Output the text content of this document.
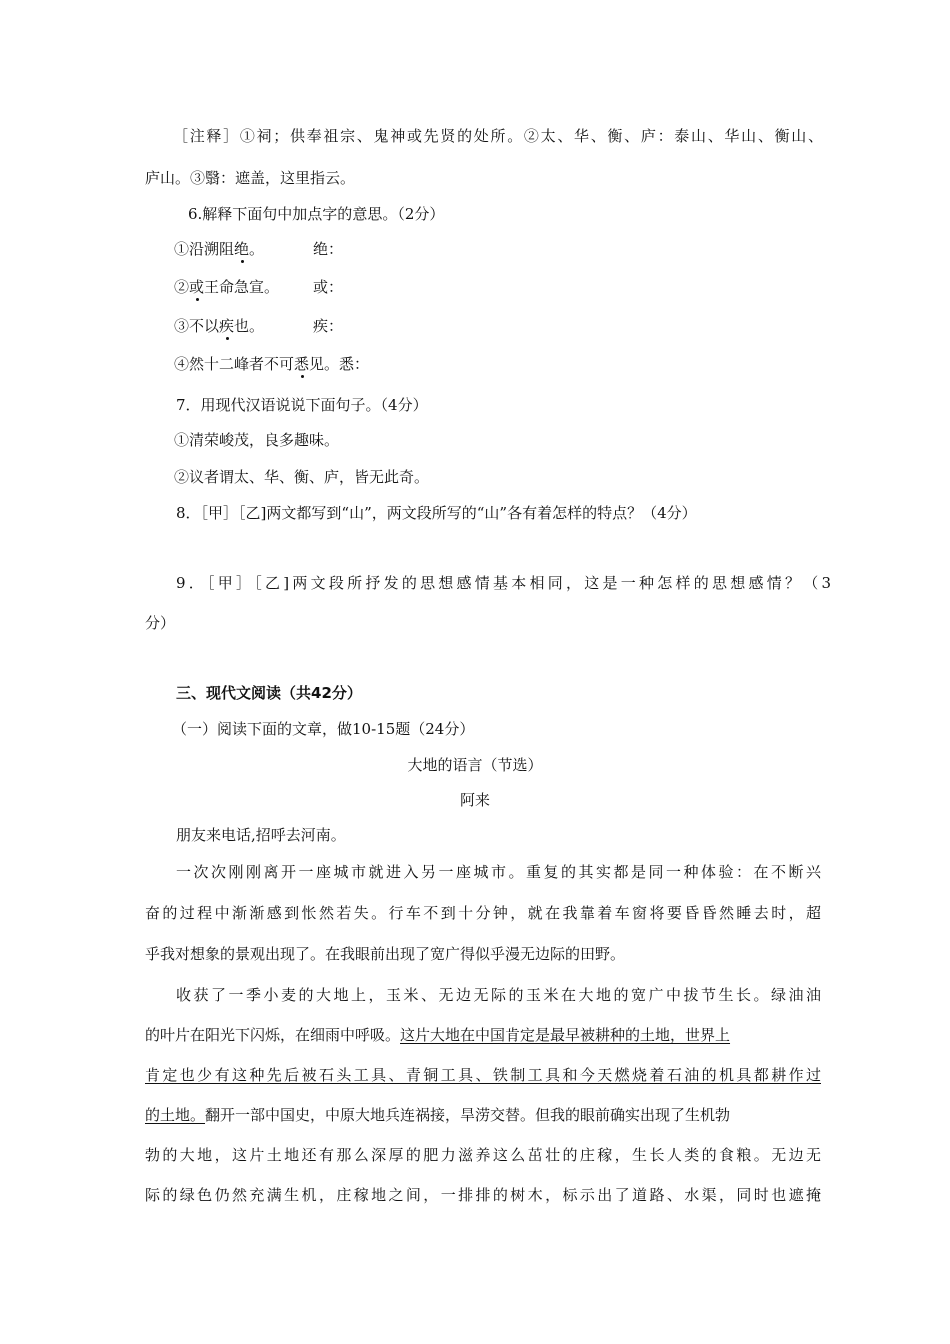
［注释］①祠；供奉祖宗、鬼神或先贤的处所。②太、华、衡、庐：泰山、华山、衡山、
庐山。③翳：遮盖，这里指云。
6.解释下面句中加点字的意思。（2分）
①沿溯阻绝。	绝：
②或王命急宣。 或：
③不以疾也。	疾：
④然十二峰者不可悉见。悉：
7．用现代汉语说说下面句子。（4分）
①清荣峻茂，良多趣味。
②议者谓太、华、衡、庐，皆无此奇。
8．［甲］［乙]两文都写到“山”，两文段所写的“山”各有着怎样的特点？（4分）
9．［甲］［乙]两文段所抒发的思想感情基本相同，这是一种怎样的思想感情？（3
分）
三、现代文阅读（共42分）
（一）阅读下面的文章，做10-15题（24分）
大地的语言（节选）
阿来
朋友来电话,招呼去河南。
一次次刚刚离开一座城市就进入另一座城市。重复的其实都是同一种体验：在不断兴
奋的过程中渐渐感到怅然若失。行车不到十分钟，就在我靠着车窗将要昏昏然睡去时，超
乎我对想象的景观出现了。在我眼前出现了宽广得似乎漫无边际的田野。
收获了一季小麦的大地上，玉米、无边无际的玉米在大地的宽广中拔节生长。绿油油
的叶片在阳光下闪烁，在细雨中呼吸。这片大地在中国肯定是最早被耕种的土地，世界上
肯定也少有这种先后被石头工具、青铜工具、铁制工具和今天燃烧着石油的机具都耕作过
的土地。翻开一部中国史，中原大地兵连祸接，旱涝交替。但我的眼前确实出现了生机勃
勃的大地，这片土地还有那么深厚的肥力滋养这么茁壮的庄稼，生长人类的食粮。无边无
际的绿色仍然充满生机，庄稼地之间，一排排的树木，标示出了道路、水渠，同时也遮掩
